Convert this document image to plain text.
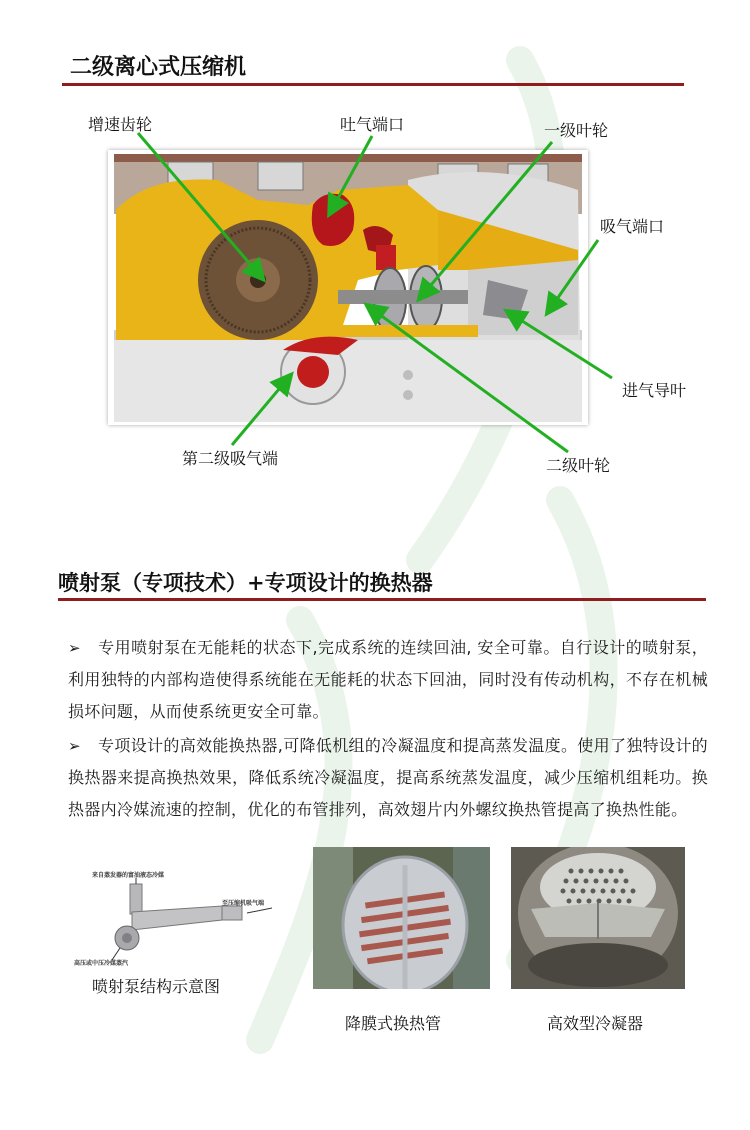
二级离心式压缩机
增速齿轮	吐气端口	一级叶轮
吸气端口
进气导叶
二级叶轮
第二级吸气端
喷射泵（专项技术）+专项设计的换热器
➢ 专用喷射泵在无能耗的状态下,完成系统的连续回油, 安全可靠。自行设计的喷射泵，利用独特的内部构造使得系统能在无能耗的状态下回油，同时没有传动机构，不存在机械损坏问题，从而使系统更安全可靠。
➢ 专项设计的高效能换热器,可降低机组的冷凝温度和提高蒸发温度。使用了独特设计的换热器来提高换热效果，降低系统冷凝温度，提高系统蒸发温度，减少压缩机组耗功。换热器内冷媒流速的控制，优化的布管排列，高效翅片内外螺纹换热管提高了换热性能。
来自蒸发器的富油液态冷媒
至压缩机吸气端
高压或中压冷媒蒸汽
喷射泵结构示意图
降膜式换热管	高效型冷凝器
